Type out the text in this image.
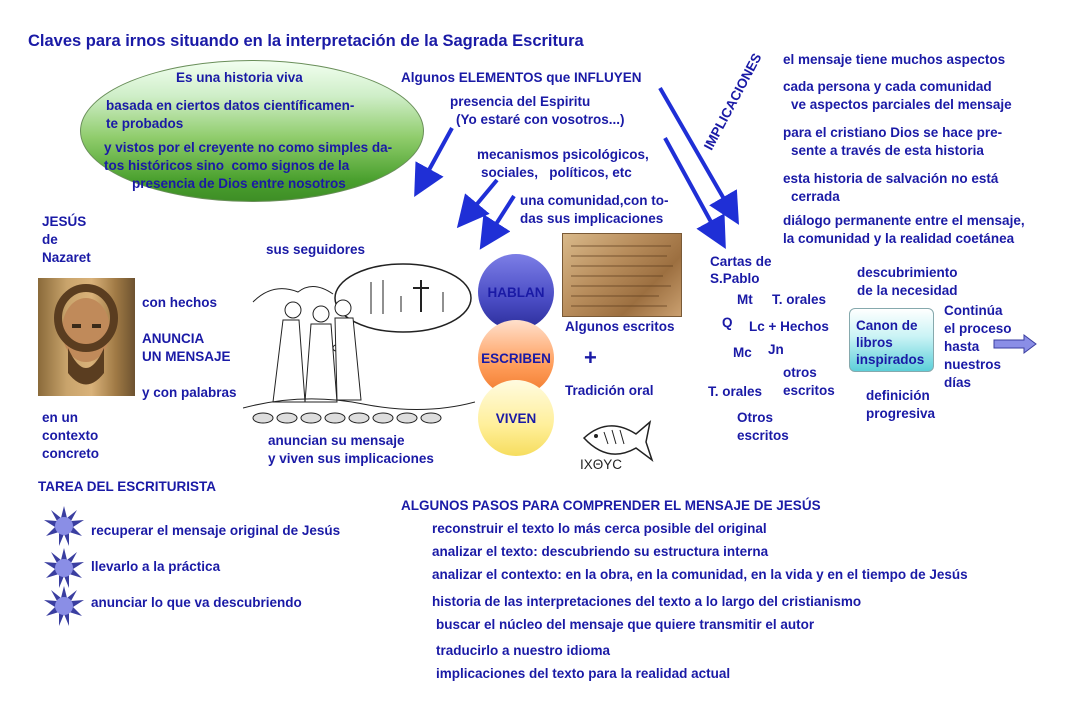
Claves para irnos situando en la interpretación de la Sagrada Escritura
Es una historia viva
basada en ciertos datos científicamen-
te probados
y vistos por el creyente no como simples da-
tos históricos sino  como signos de la
presencia de Dios entre nosotros
Algunos ELEMENTOS que INFLUYEN
presencia del Espiritu
(Yo estaré con vosotros...)
mecanismos psicológicos,
sociales,   políticos, etc
una comunidad,con to-
das sus implicaciones
IMPLICACIONES el mensaje tiene muchos aspectos
cada persona y cada comunidad
ve aspectos parciales del mensaje
para el cristiano Dios se hace pre-
sente a través de esta historia
esta historia de salvación no está
cerrada
diálogo permanente entre el mensaje,
la comunidad y la realidad coetánea
JESÚS
de
Nazaret
con hechos
ANUNCIA
UN MENSAJE
y con palabras
en un
contexto
concreto
sus seguidores
anuncian su mensaje
y viven sus implicaciones
HABLAN
ESCRIBEN
VIVEN
Algunos escritos
+
Tradición oral
IXΘYC
Cartas de
S.Pablo
Mt T. orales
Q Lc + Hechos
Mc Jn
otros
escritos
T. orales
Otros
escritos
descubrimiento
de la necesidad
Canon de
libros
inspirados
Continúa
el proceso
hasta
nuestros
días
definición
progresiva
TAREA DEL ESCRITURISTA
recuperar el mensaje original de Jesús
llevarlo a la práctica
anunciar lo que va descubriendo
ALGUNOS PASOS PARA COMPRENDER EL MENSAJE DE JESÚS
reconstruir el texto lo más cerca posible del original
analizar el texto: descubriendo su estructura interna
analizar el contexto: en la obra, en la comunidad, en la vida y en el tiempo de Jesús
historia de las interpretaciones del texto a lo largo del cristianismo
buscar el núcleo del mensaje que quiere transmitir el autor
traducirlo a nuestro idioma
implicaciones del texto para la realidad actual
